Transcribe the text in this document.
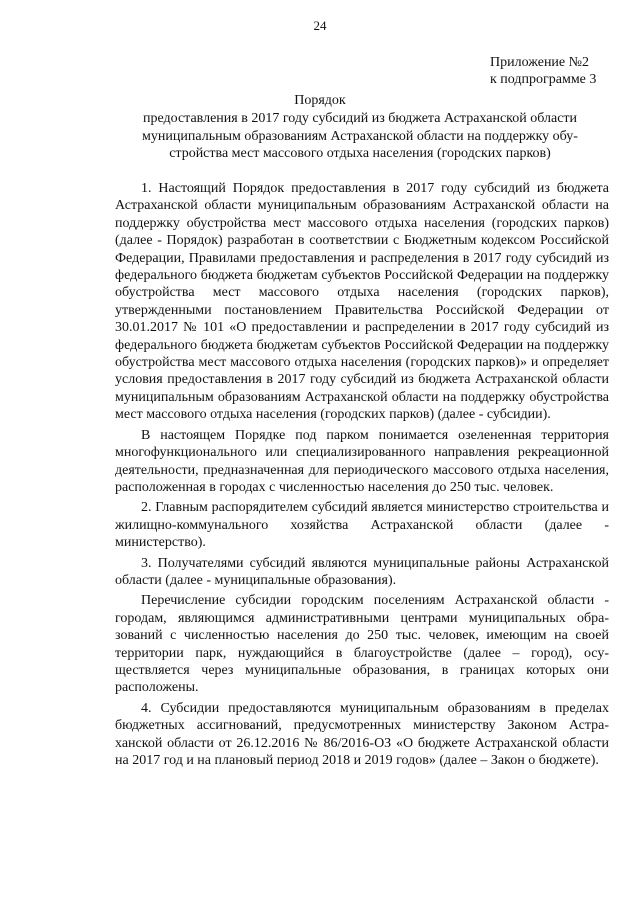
24
Приложение №2
к подпрограмме 3
Порядок
предоставления в 2017 году субсидий из бюджета Астраханской области муниципальным образованиям Астраханской области на поддержку обустройства мест массового отдыха населения (городских парков)

1. Настоящий Порядок предоставления в 2017 году субсидий из бюджета Астраханской области муниципальным образованиям Астраханской области на поддержку обустройства мест массового отдыха населения (городских парков) (далее - Порядок) разработан в соответствии с Бюджетным кодексом Российской Федерации, Правилами предоставления и распределения в 2017 году субсидий из федерального бюджета бюджетам субъектов Российской Федерации на поддержку обустройства мест массового отдыха населения (городских парков), утвержденными постановлением Правительства Российской Федерации от 30.01.2017 № 101 «О предоставлении и распределении в 2017 году субсидий из федерального бюджета бюджетам субъектов Российской Федерации на поддержку обустройства мест массового отдыха населения (городских парков)» и определяет условия предоставления в 2017 году субсидий из бюджета Астраханской области муниципальным образованиям Астраханской области на поддержку обустройства мест массового отдыха населения (городских парков) (далее - субсидии).

В настоящем Порядке под парком понимается озелененная территория многофункционального или специализированного направления рекреационной деятельности, предназначенная для периодического массового отдыха населения, расположенная в городах с численностью населения до 250 тыс. человек.

2. Главным распорядителем субсидий является министерство строительства и жилищно-коммунального хозяйства Астраханской области (далее - министерство).

3. Получателями субсидий являются муниципальные районы Астраханской области (далее - муниципальные образования).

Перечисление субсидии городским поселениям Астраханской области - городам, являющимся административными центрами муниципальных образований с численностью населения до 250 тыс. человек, имеющим на своей территории парк, нуждающийся в благоустройстве (далее – город), осуществляется через муниципальные образования, в границах которых они расположены.

4. Субсидии предоставляются муниципальным образованиям в пределах бюджетных ассигнований, предусмотренных министерству Законом Астраханской области от 26.12.2016 № 86/2016-ОЗ «О бюджете Астраханской области на 2017 год и на плановый период 2018 и 2019 годов» (далее – Закон о бюджете).
